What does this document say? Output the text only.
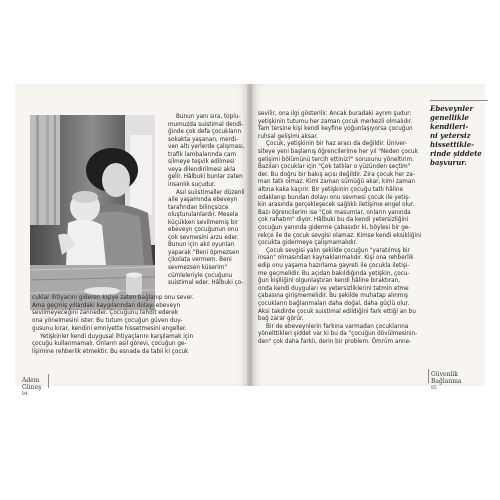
Bunun yanı sıra, toplu-
mumuzda suistimal dendi-
ğinde çok defa çocukların
sokakta yaşanan, merdi-
ven altı yerlerde çalışması,
trafik lambalarında cam
silmeye teşvik edilmesi
veya dilendirilmesi akla
gelir. Hâlbuki bunlar zaten
insanlık suçudur.
Asıl suiistimaller düzenli
aile yaşamında ebeveyn
tarafından bilinçsizce
oluşturulanlardır. Mesela
küçükken sevilmemiş bir
ebeveyn çocuğunun onu
çok sevmesini arzu eder.
Bunun için akıl oyunları
yaparak "Beni öpmezsen
çikolata vermem. Beni
sevmezsen küserim"
cümleleriyle çocuğunu
suistimal eder. Hâlbuki ço-
cuklar ihtiyacını gideren kişiye zaten bağlanıp onu sever.
Ama geçmiş yıllardaki kaygılarından dolayı ebeveyn
sevilmeyeceğini zanneder. Çocuğunu tehdit ederek
ona yönelmesini ister. Bu tutum çocuğun güven duy-
gusunu kırar, kendini emniyette hissetmesini engeller.
Yetişkinler kendi duygusal ihtiyaçlarını karşılamak için
çocuğu kullanmamalı. Onların asıl görevi, çocuğun ge-
lişimine rehberlik etmektir. Bu esnada da tabii ki çocuk
Adem
Güneş
84
sevilir, ona ilgi gösterilir. Ancak buradaki ayrım şudur:
yetişkinin tutumu her zaman çocuk merkezli olmalıdır.
Tam tersine kişi kendi keyfine yoğunlaşıyorsa çocuğun
ruhsal gelişimi aksar.
Çocuk, yetişkinin bir haz aracı da değildir. Üniver-
siteye yeni başlamış öğrencilerime her yıl "Neden çocuk
gelişimi bölümünü tercih ettiniz?" sorusunu yöneltirim.
Bazıları çocuklar için "Çok tatlılar o yüzünden seçtim"
der. Bu doğru bir bakış açısı değildir. Zira çocuk her za-
man tatlı olmaz. Kimi zaman sümüğü akar, kimi zaman
altına kaka kaçırır. Bir yetişkinin çocuğu tatlı hâline
odaklanıp bundan dolayı onu sevmesi çocuk ile yetiş-
kin arasında gerçekleşecek sağlıklı iletişime engel olur.
Bazı öğrencilerim ise "Çok masumlar, onların yanında
çok rahatım" diyor. Hâlbuki bu da kendi yetersizliğini
çocuğun yanında giderme çabasıdır ki, böylesi bir ge-
rekçe ile de çocuk sevgisi olamaz. Kimse kendi eksikliğini
çocukta gidermeye çalışmamalıdır.
Çocuk sevgisi yalın şekilde çocuğun "yaratılmış bir
insan" olmasından kaynaklanmalıdır. Kişi ona rehberlik
edip onu yaşama hazırlama gayreti ile çocukla iletişi-
me geçmelidir. Bu açıdan bakıldığında yetişkin, çocu-
ğun kişiliğini olgunlaştıran kendi hâline bıraktıran,
onda kendi duyguları ve yetersizliklerini tatmin etme
çabasına girişmemelidir. Bu şekilde muhatap alınmış
çocukların bağlanmaları daha doğal, daha güçlü olur.
Aksi takdirde çocuk suistimal edildiğini fark ettiği an bu
bağ zarar görür.
Bir de ebeveynlerin farkına varmadan çocuklarına
yönelttikleri şiddet var ki bu da "çocuğun dövülmesinin-
den" çok daha farklı, derin bir problem. Ömrüm anne-
Ebeveynler
genellikle
kendileri-
ni yetersiz
hissettikle-
rinde şiddete
başvurur.
Güvenlik
Bağlanma
85
